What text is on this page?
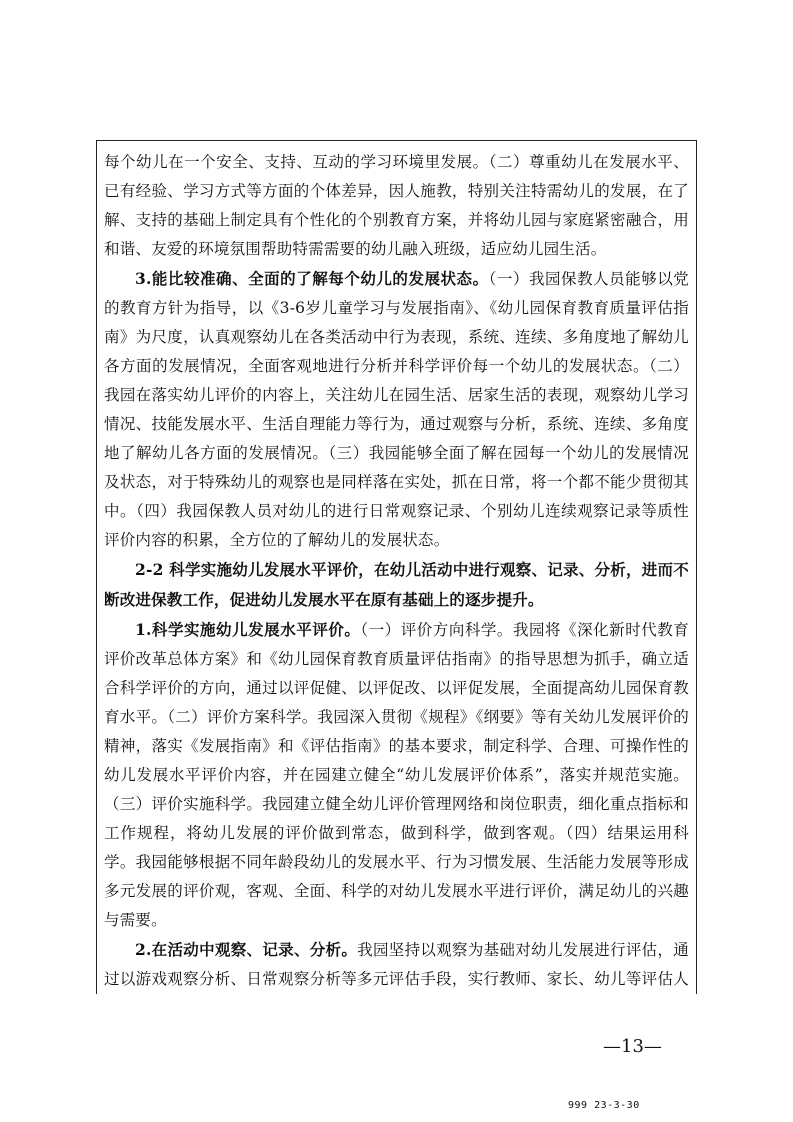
每个幼儿在一个安全、支持、互动的学习环境里发展。（二）尊重幼儿在发展水平、已有经验、学习方式等方面的个体差异，因人施教，特别关注特需幼儿的发展，在了解、支持的基础上制定具有个性化的个别教育方案，并将幼儿园与家庭紧密融合，用和谐、友爱的环境氛围帮助特需需要的幼儿融入班级，适应幼儿园生活。

3.能比较准确、全面的了解每个幼儿的发展状态。（一）我园保教人员能够以党的教育方针为指导，以《3-6岁儿童学习与发展指南》、《幼儿园保育教育质量评估指南》为尺度，认真观察幼儿在各类活动中行为表现，系统、连续、多角度地了解幼儿各方面的发展情况，全面客观地进行分析并科学评价每一个幼儿的发展状态。（二）我园在落实幼儿评价的内容上，关注幼儿在园生活、居家生活的表现，观察幼儿学习情况、技能发展水平、生活自理能力等行为，通过观察与分析，系统、连续、多角度地了解幼儿各方面的发展情况。（三）我园能够全面了解在园每一个幼儿的发展情况及状态，对于特殊幼儿的观察也是同样落在实处，抓在日常，将一个都不能少贯彻其中。（四）我园保教人员对幼儿的进行日常观察记录、个别幼儿连续观察记录等质性评价内容的积累，全方位的了解幼儿的发展状态。

2-2 科学实施幼儿发展水平评价，在幼儿活动中进行观察、记录、分析，进而不断改进保教工作，促进幼儿发展水平在原有基础上的逐步提升。

1.科学实施幼儿发展水平评价。（一）评价方向科学。我园将《深化新时代教育评价改革总体方案》和《幼儿园保育教育质量评估指南》的指导思想为抓手，确立适合科学评价的方向，通过以评促健、以评促改、以评促发展，全面提高幼儿园保育教育水平。（二）评价方案科学。我园深入贯彻《规程》《纲要》等有关幼儿发展评价的精神，落实《发展指南》和《评估指南》的基本要求，制定科学、合理、可操作性的幼儿发展水平评价内容，并在园建立健全“幼儿发展评价体系”，落实并规范实施。（三）评价实施科学。我园建立健全幼儿评价管理网络和岗位职责，细化重点指标和工作规程，将幼儿发展的评价做到常态，做到科学，做到客观。（四）结果运用科学。我园能够根据不同年龄段幼儿的发展水平、行为习惯发展、生活能力发展等形成多元发展的评价观，客观、全面、科学的对幼儿发展水平进行评价，满足幼儿的兴趣与需要。

2.在活动中观察、记录、分析。我园坚持以观察为基础对幼儿发展进行评估，通过以游戏观察分析、日常观察分析等多元评估手段，实行教师、家长、幼儿等评估人

—13—
999 23-3-30
